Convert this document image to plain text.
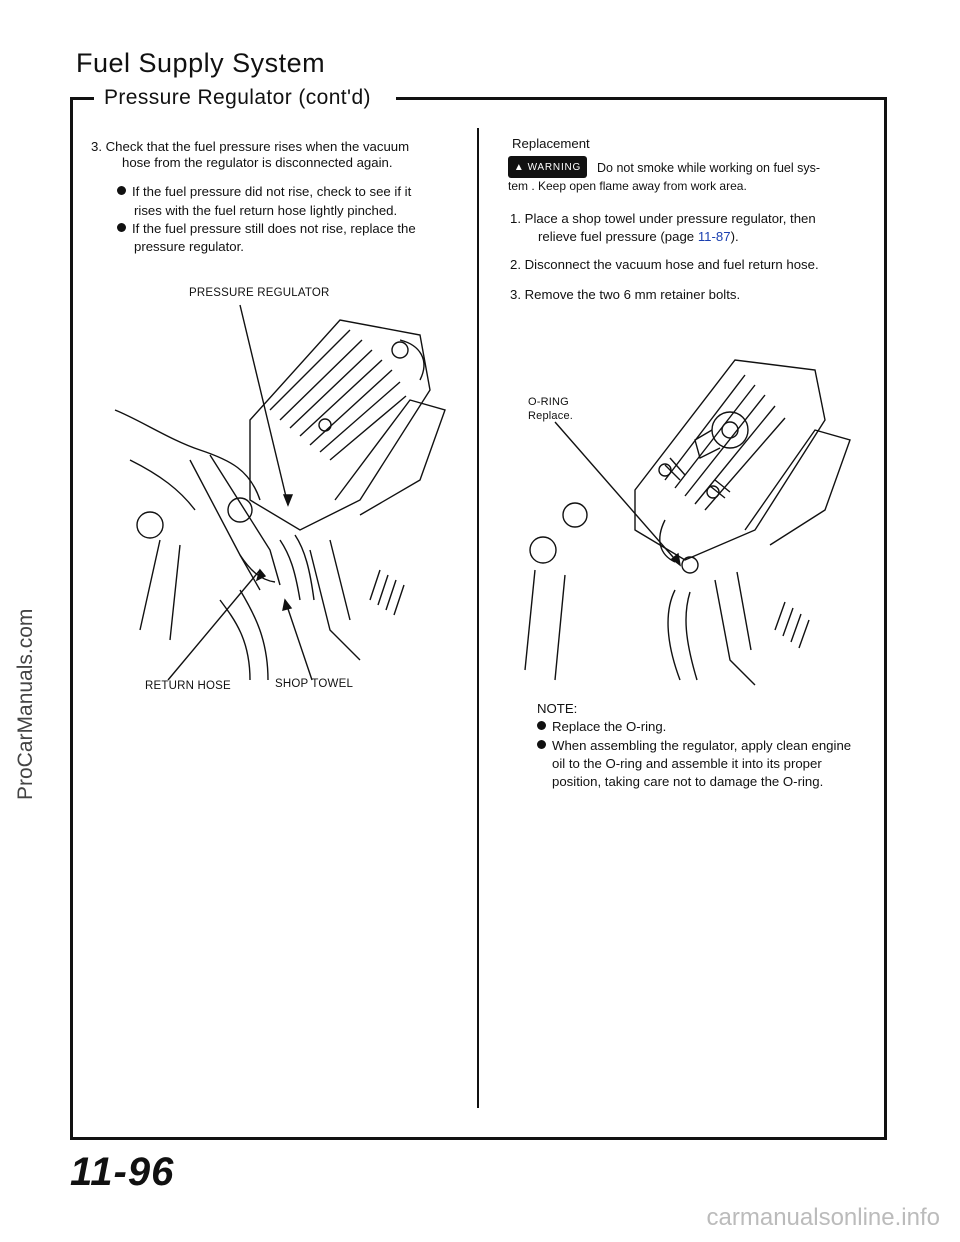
Fuel Supply System
Pressure Regulator (cont'd)
3. Check that the fuel pressure rises when the vacuum
hose from the regulator is disconnected again.
If the fuel pressure did not rise, check to see if it
rises with the fuel return hose lightly pinched.
If the fuel pressure still does not rise, replace the
pressure regulator.
PRESSURE REGULATOR
RETURN HOSE	SHOP TOWEL
Replacement
▲ WARNING Do not smoke while working on fuel sys-
tem . Keep open flame away from work area.
1. Place a shop towel under pressure regulator, then
relieve fuel pressure (page 11-87).
2. Disconnect the vacuum hose and fuel return hose.
3. Remove the two 6 mm retainer bolts.
O-RING
Replace.
NOTE:
Replace the O-ring.
When assembling the regulator, apply clean engine
oil to the O-ring and assemble it into its proper
position, taking care not to damage the O-ring.
11-96
ProCarManuals.com
carmanualsonline.info
